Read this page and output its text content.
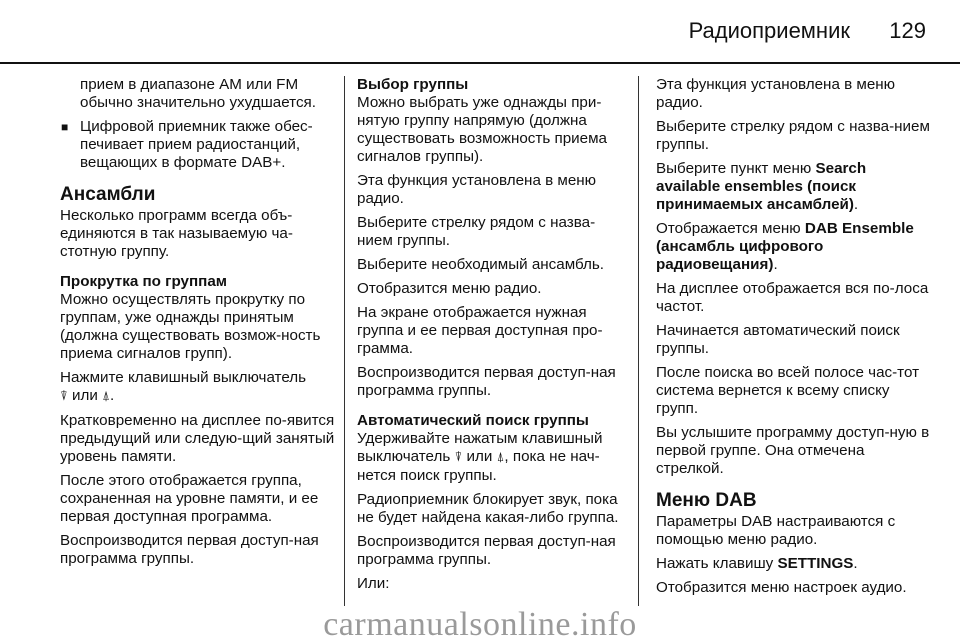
Радиоприемник 129

прием в диапазоне AM или FM обычно значительно ухудшается.

■ Цифровой приемник также обес-печивает прием радиостанций, вещающих в формате DAB+.
Ансамбли

Несколько программ всегда объ-единяются в так называемую ча-стотную группу.

Прокрутка по группам

Можно осуществлять прокрутку по группам, уже однажды принятым (должна существовать возмож-ность приема сигналов групп).

Нажмите клавишный выключатель
⍒ или ⍋.

Кратковременно на дисплее по-явится предыдущий или следую-щий занятый уровень памяти.

После этого отображается группа, сохраненная на уровне памяти, и ее первая доступная программа.

Воспроизводится первая доступ-ная программа группы.

Выбор группы

Можно выбрать уже однажды при-нятую группу напрямую (должна существовать возможность приема сигналов группы).

Эта функция установлена в меню радио.

Выберите стрелку рядом с назва-нием группы.

Выберите необходимый ансамбль.

Отобразится меню радио.

На экране отображается нужная группа и ее первая доступная про-грамма.

Воспроизводится первая доступ-ная программа группы.

Автоматический поиск группы

Удерживайте нажатым клавишный выключатель ⍒ или ⍋, пока не нач-нется поиск группы.

Радиоприемник блокирует звук, пока не будет найдена какая-либо группа.

Воспроизводится первая доступ-ная программа группы.

Или:

Эта функция установлена в меню радио.

Выберите стрелку рядом с назва-нием группы.

Выберите пункт меню Search available ensembles (поиск принимаемых ансамблей).

Отображается меню DAB Ensemble (ансамбль цифрового радиовещания).

На дисплее отображается вся по-лоса частот.

Начинается автоматический поиск группы.

После поиска во всей полосе час-тот система вернется к всему списку групп.

Вы услышите программу доступ-ную в первой группе. Она отмечена стрелкой.

Меню DAB

Параметры DAB настраиваются с помощью меню радио.

Нажать клавишу SETTINGS.

Отобразится меню настроек аудио.

carmanualsonline.info
